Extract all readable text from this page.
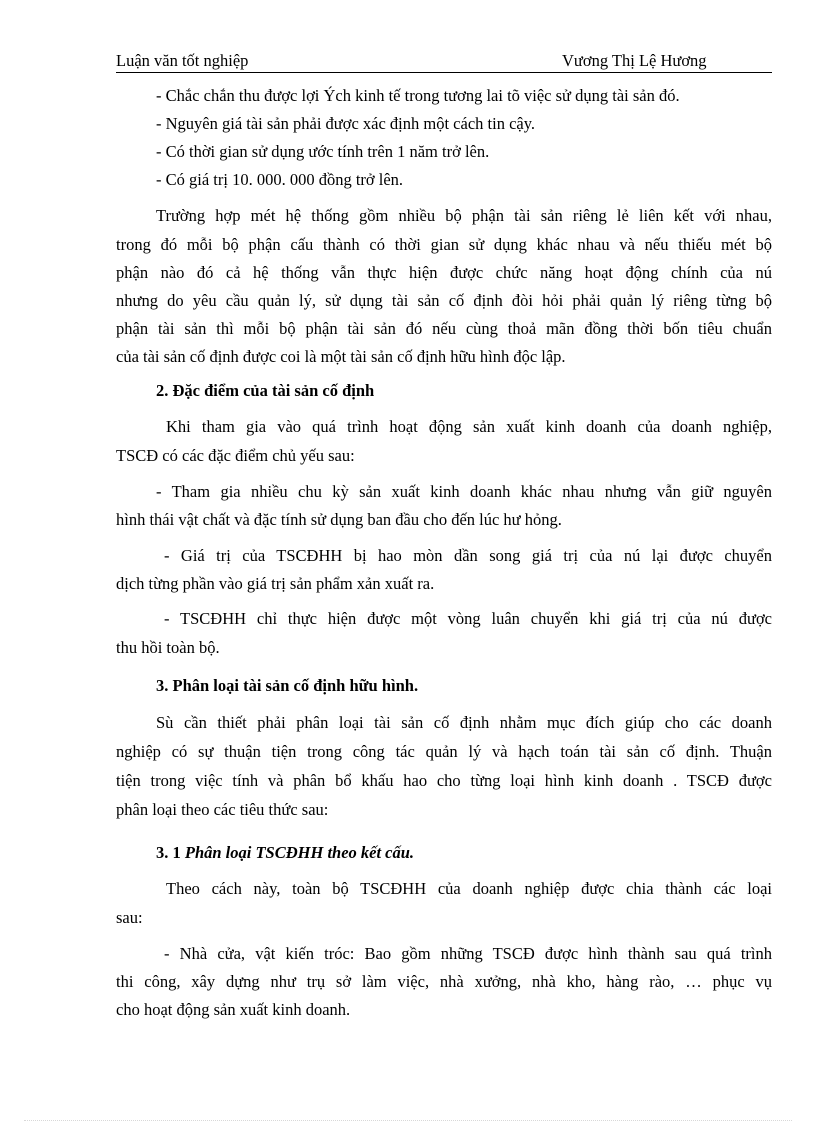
Luận văn tốt nghiệp	Vương Thị Lệ Hương
- Chắc chắn thu được lợi Ých kinh tế trong tương lai tõ việc sử dụng tài sản đó.
- Nguyên giá tài sản phải được xác định một cách tin cậy.
- Có thời gian sử dụng ước tính trên 1 năm trở lên.
- Có giá trị 10. 000. 000 đồng trở lên.
Trường hợp mét hệ thống gồm nhiều bộ phận tài sản riêng lẻ liên kết với nhau,
trong đó mỗi bộ phận cấu thành có thời gian sử dụng khác nhau và nếu thiếu mét bộ
phận nào đó cả hệ thống vẫn thực hiện được chức năng hoạt động chính của nú
nhưng do yêu cầu quản lý, sử dụng tài sản cố định đòi hỏi phải quản lý riêng từng bộ
phận tài sản thì mỗi bộ phận tài sản đó nếu cùng thoả mãn đồng thời bốn tiêu chuẩn
của tài sản cố định được coi là một tài sản cố định hữu hình độc lập.
2. Đặc điểm của tài sản cố định
Khi tham gia vào quá trình hoạt động sản xuất kinh doanh của doanh nghiệp,
TSCĐ có các đặc điểm chủ yếu sau:
- Tham gia nhiều chu kỳ sản xuất kinh doanh khác nhau nhưng vẫn giữ nguyên
hình thái vật chất và đặc tính sử dụng ban đầu cho đến lúc hư hỏng.
- Giá trị của TSCĐHH bị hao mòn dần song giá trị của nú lại được chuyển
dịch từng phần vào giá trị sản phẩm xản xuất ra.
- TSCĐHH chỉ thực hiện được một vòng luân chuyển khi giá trị của nú được
thu hồi toàn bộ.
3. Phân loại tài sản cố định hữu hình.
Sù cần thiết phải phân loại tài sản cố định nhằm mục đích giúp cho các doanh
nghiệp có sự thuận tiện trong công tác quản lý và hạch toán tài sản cố định. Thuận
tiện trong việc tính và phân bổ khấu hao cho từng loại hình kinh doanh . TSCĐ được
phân loại theo các tiêu thức sau:
3. 1 Phân loại TSCĐHH theo kết cấu.
Theo cách này, toàn bộ TSCĐHH của doanh nghiệp được chia thành các loại
sau:
- Nhà cửa, vật kiến tróc: Bao gồm những TSCĐ được hình thành sau quá trình
thi công, xây dựng như trụ sở làm việc, nhà xưởng, nhà kho, hàng rào, … phục vụ
cho hoạt động sản xuất kinh doanh.
